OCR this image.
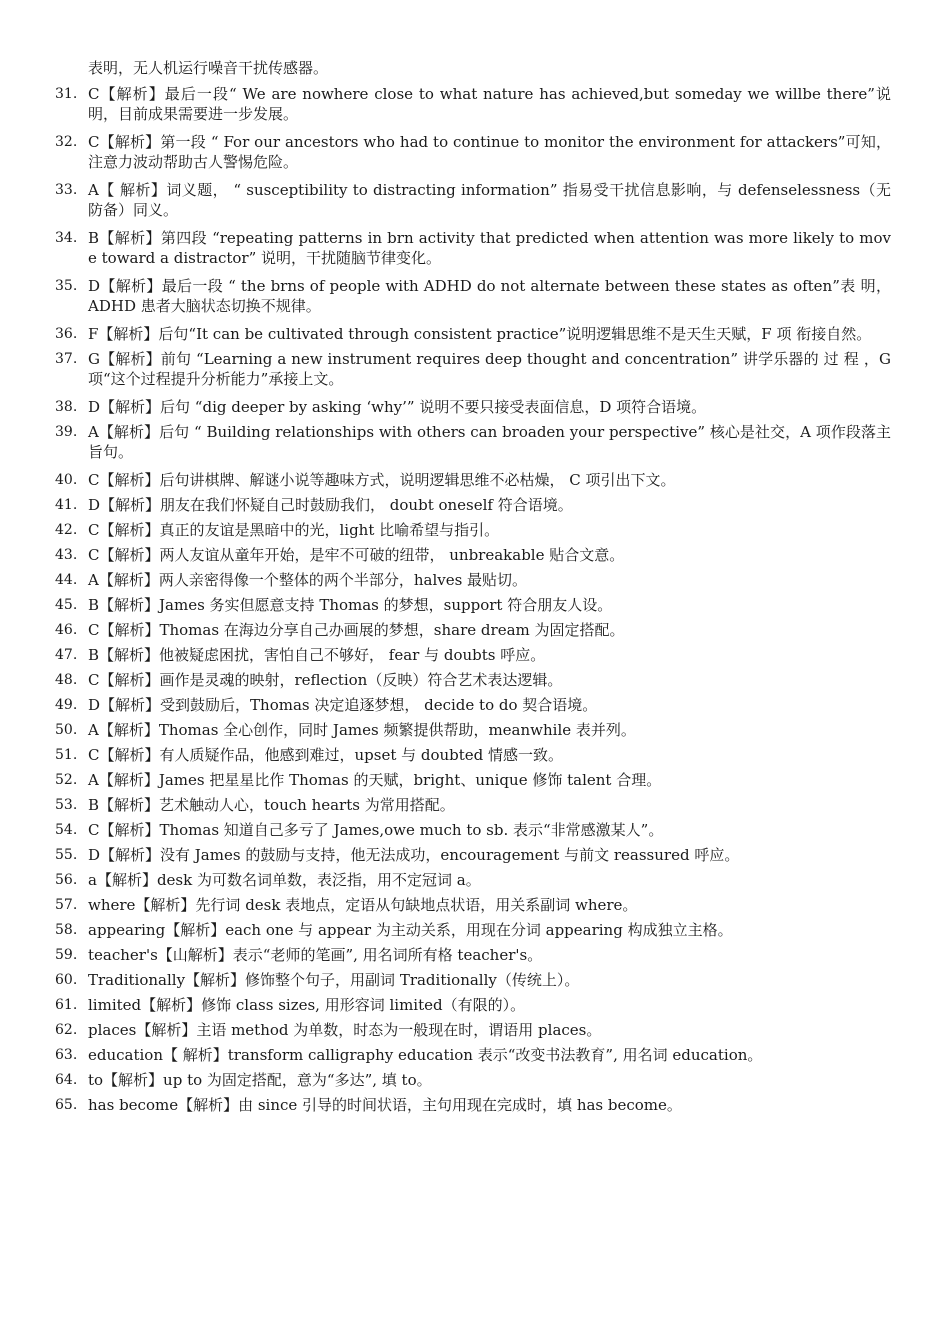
表明，无人机运行噪音干扰传感器。
31. C【解析】最后一段“ We are nowhere close to what nature has achieved,but someday we willbe there”说明，目前成果需要进一步发展。
32. C【解析】第一段 “ For our ancestors who had to continue to monitor the environment for attackers”可知，注意力波动帮助古人警惕危险。
33. A【 解析】词义题， “ susceptibility to distracting information” 指易受干扰信息影响，与 defenselessness（无防备）同义。
34. B【解析】第四段 “repeating patterns in brn activity that predicted when attention was more likely to move toward a distractor” 说明，干扰随脑节律变化。
35. D【解析】最后一段 “ the brns of people with ADHD do not alternate between these states as often”表 明，ADHD 患者大脑状态切换不规律。
36. F【解析】后句“It can be cultivated through consistent practice”说明逻辑思维不是天生天赋，F 项 衔接自然。
37. G【解析】前句 “Learning a new instrument requires deep thought and concentration” 讲学乐器的 过 程 ，G 项“这个过程提升分析能力”承接上文。
38. D【解析】后句 “dig deeper by asking ‘why’” 说明不要只接受表面信息，D 项符合语境。
39. A【解析】后句 “ Building relationships with others can broaden your perspective” 核心是社交，A 项作段落主旨句。
40. C【解析】后句讲棋牌、解谜小说等趣味方式，说明逻辑思维不必枯燥， C 项引出下文。
41. D【解析】朋友在我们怀疑自己时鼓励我们， doubt oneself 符合语境。
42. C【解析】真正的友谊是黑暗中的光，light 比喻希望与指引。
43. C【解析】两人友谊从童年开始，是牢不可破的纽带， unbreakable 贴合文意。
44. A【解析】两人亲密得像一个整体的两个半部分，halves 最贴切。
45. B【解析】James 务实但愿意支持 Thomas 的梦想，support 符合朋友人设。
46. C【解析】Thomas 在海边分享自己办画展的梦想，share dream 为固定搭配。
47. B【解析】他被疑虑困扰，害怕自己不够好， fear 与 doubts 呼应。
48. C【解析】画作是灵魂的映射，reflection（反映）符合艺术表达逻辑。
49. D【解析】受到鼓励后，Thomas 决定追逐梦想， decide to do 契合语境。
50. A【解析】Thomas 全心创作，同时 James 频繁提供帮助，meanwhile 表并列。
51. C【解析】有人质疑作品，他感到难过，upset 与 doubted 情感一致。
52. A【解析】James 把星星比作 Thomas 的天赋，bright、unique 修饰 talent 合理。
53. B【解析】艺术触动人心，touch hearts 为常用搭配。
54. C【解析】Thomas 知道自己多亏了 James,owe much to sb. 表示“非常感激某人”。
55. D【解析】没有 James 的鼓励与支持，他无法成功，encouragement 与前文 reassured 呼应。
56. a【解析】desk 为可数名词单数，表泛指，用不定冠词 a。
57. where【解析】先行词 desk 表地点，定语从句缺地点状语，用关系副词 where。
58. appearing【解析】each one 与 appear 为主动关系，用现在分词 appearing 构成独立主格。
59. teacher's【山解析】表示“老师的笔画”, 用名词所有格 teacher's。
60. Traditionally【解析】修饰整个句子，用副词 Traditionally（传统上）。
61. limited【解析】修饰 class sizes, 用形容词 limited（有限的）。
62. places【解析】主语 method 为单数，时态为一般现在时，谓语用 places。
63. education【 解析】transform calligraphy education 表示“改变书法教育”, 用名词 education。
64. to【解析】up to 为固定搭配，意为“多达”, 填 to。
65. has become【解析】由 since 引导的时间状语，主句用现在完成时，填 has become。
